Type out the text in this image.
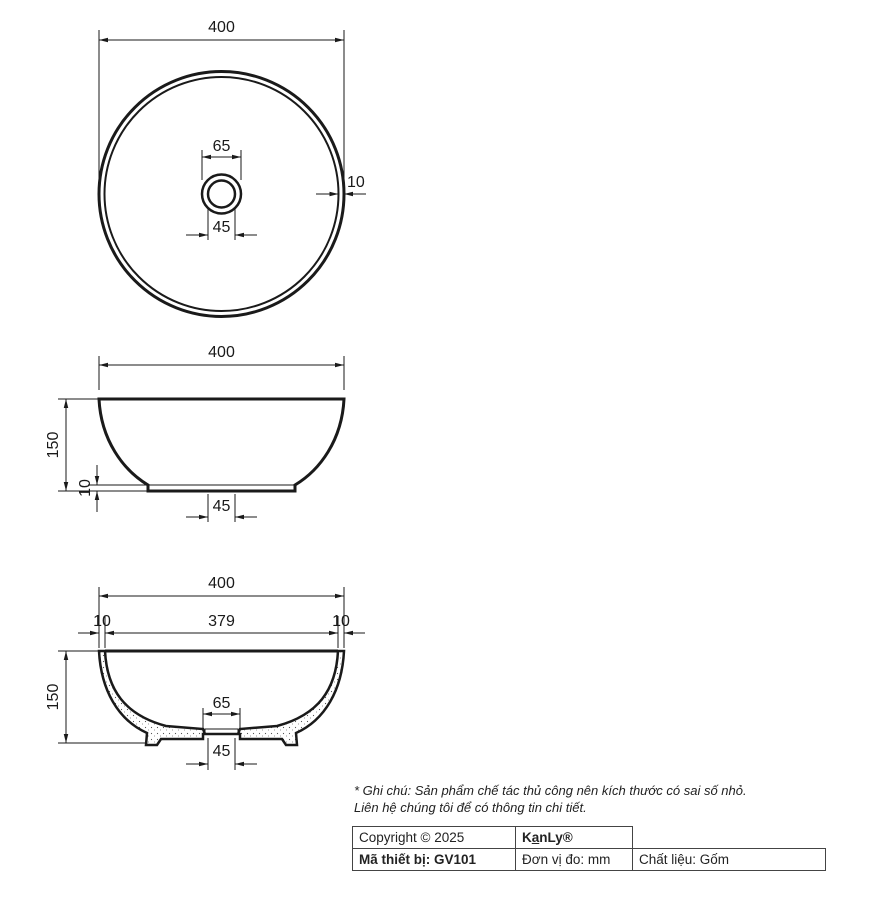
400
65
45
10
400
150
10
45
400
10	379	10
150	65
45
* Ghi chú: Sản phẩm chế tác thủ công nên kích thước có sai số nhỏ.
Liên hệ chúng tôi để có thông tin chi tiết.
Copyright © 2025	KanLy®	
Mã thiết bị: GV101	Đơn vị đo: mm	Chất liệu: Gốm
